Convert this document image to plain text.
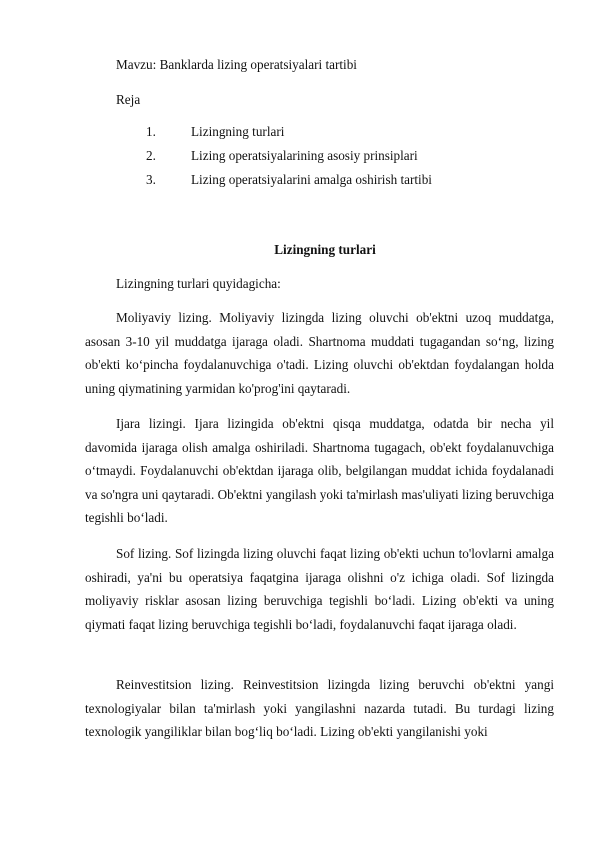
Mavzu: Banklarda lizing operatsiyalari tartibi
Reja
1.	Lizingning turlari
2.	Lizing operatsiyalarining asosiy prinsiplari
3.	Lizing operatsiyalarini amalga oshirish tartibi
Lizingning turlari
Lizingning turlari quyidagicha:

Moliyaviy lizing. Moliyaviy lizingda lizing oluvchi ob'ektni uzoq muddatga, asosan 3-10 yil muddatga ijaraga oladi. Shartnoma muddati tugagandan so‘ng, lizing ob'ekti ko‘pincha foydalanuvchiga o'tadi. Lizing oluvchi ob'ektdan foydalangan holda uning qiymatining yarmidan ko'prog'ini qaytaradi.

Ijara lizingi. Ijara lizingida ob'ektni qisqa muddatga, odatda bir necha yil davomida ijaraga olish amalga oshiriladi. Shartnoma tugagach, ob'ekt foydalanuvchiga o‘tmaydi. Foydalanuvchi ob'ektdan ijaraga olib, belgilangan muddat ichida foydalanadi va so'ngra uni qaytaradi. Ob'ektni yangilash yoki ta'mirlash mas'uliyati lizing beruvchiga tegishli bo‘ladi.

Sof lizing. Sof lizingda lizing oluvchi faqat lizing ob'ekti uchun to'lovlarni amalga oshiradi, ya'ni bu operatsiya faqatgina ijaraga olishni o'z ichiga oladi. Sof lizingda moliyaviy risklar asosan lizing beruvchiga tegishli bo‘ladi. Lizing ob'ekti va uning qiymati faqat lizing beruvchiga tegishli bo‘ladi, foydalanuvchi faqat ijaraga oladi.

Reinvestitsion lizing. Reinvestitsion lizingda lizing beruvchi ob'ektni yangi texnologiyalar bilan ta'mirlash yoki yangilashni nazarda tutadi. Bu turdagi lizing texnologik yangiliklar bilan bog‘liq bo‘ladi. Lizing ob'ekti yangilanishi yoki
